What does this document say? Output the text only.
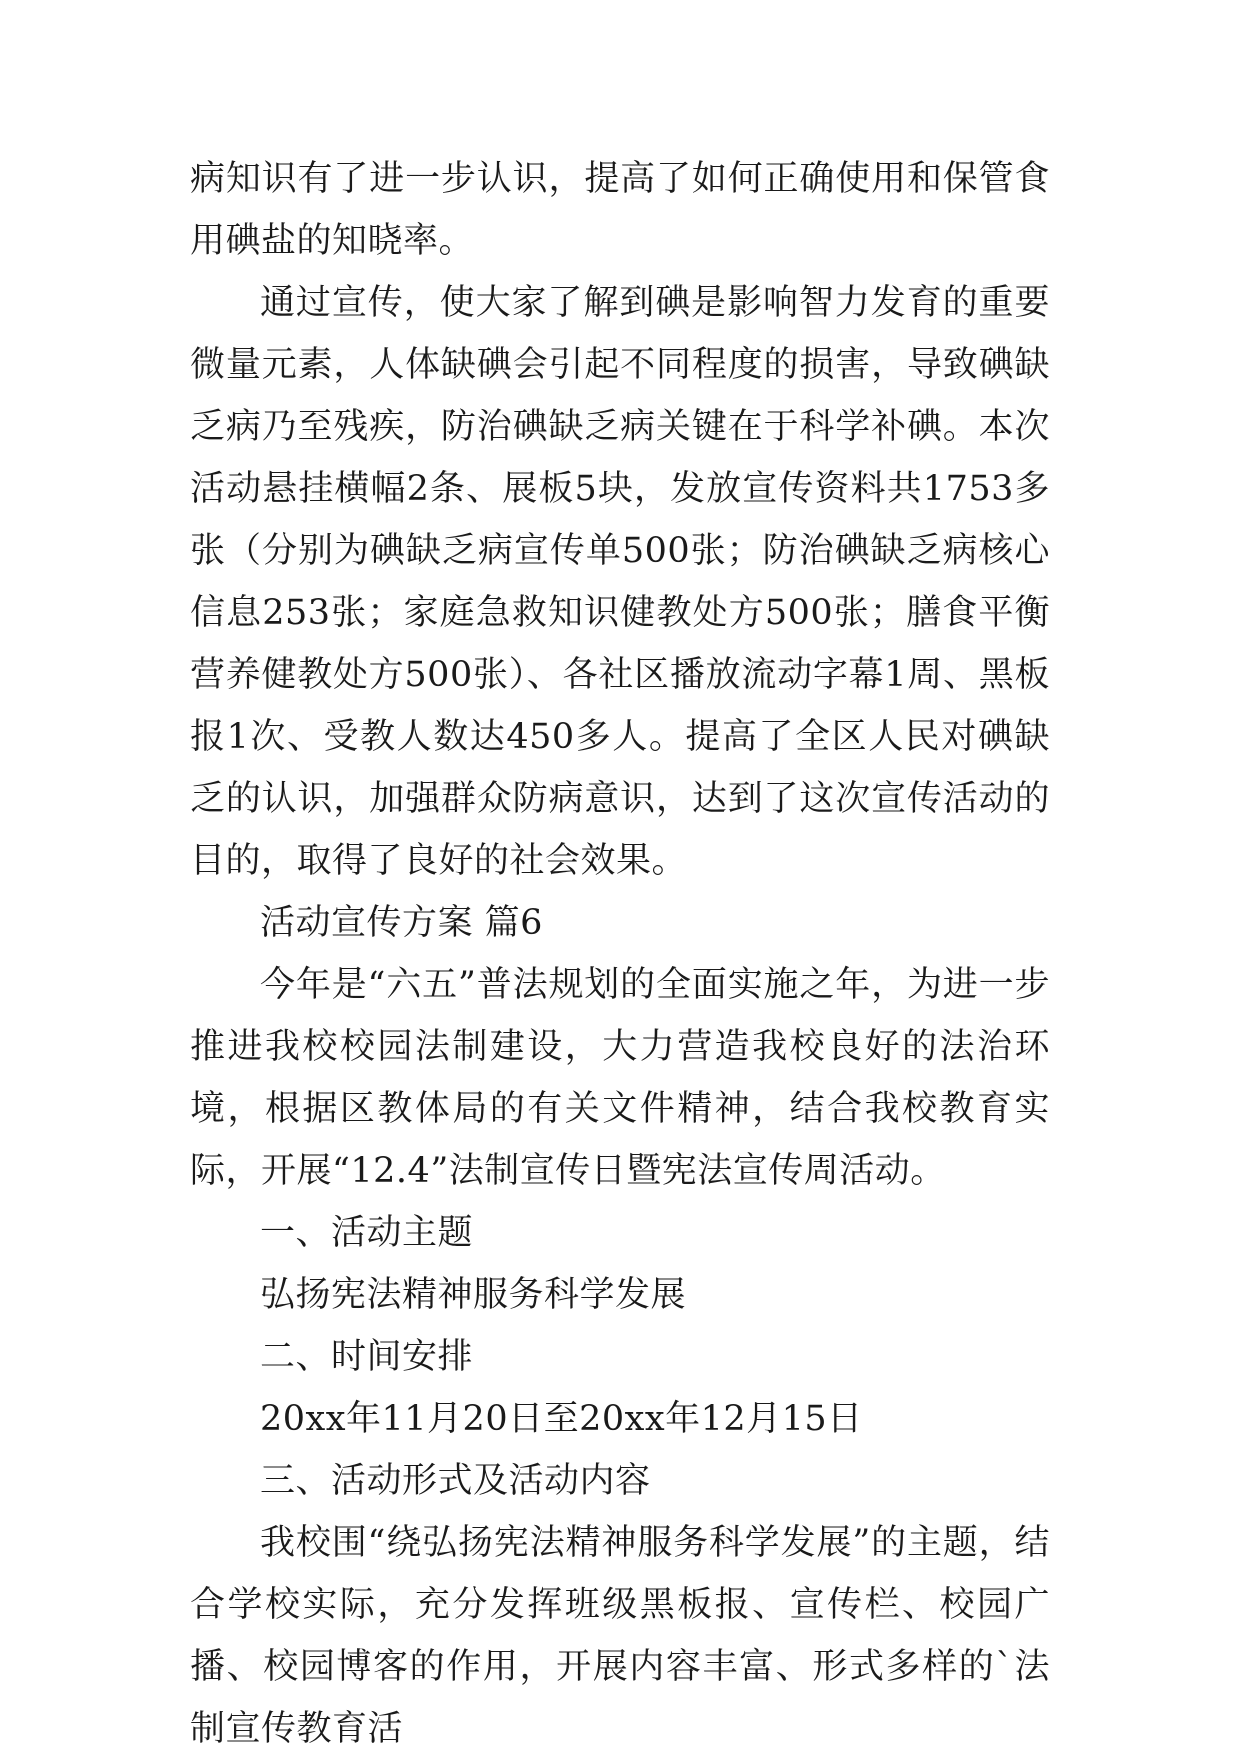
病知识有了进一步认识，提高了如何正确使用和保管食用碘盐的知晓率。

通过宣传，使大家了解到碘是影响智力发育的重要微量元素，人体缺碘会引起不同程度的损害，导致碘缺乏病乃至残疾，防治碘缺乏病关键在于科学补碘。本次活动悬挂横幅2条、展板5块，发放宣传资料共1753多张（分别为碘缺乏病宣传单500张；防治碘缺乏病核心信息253张；家庭急救知识健教处方500张；膳食平衡营养健教处方500张）、各社区播放流动字幕1周、黑板报1次、受教人数达450多人。提高了全区人民对碘缺乏的认识，加强群众防病意识，达到了这次宣传活动的目的，取得了良好的社会效果。

活动宣传方案 篇6

今年是“六五”普法规划的全面实施之年，为进一步推进我校校园法制建设，大力营造我校良好的法治环境，根据区教体局的有关文件精神，结合我校教育实际，开展“12.4”法制宣传日暨宪法宣传周活动。

一、活动主题

弘扬宪法精神服务科学发展

二、时间安排

20xx年11月20日至20xx年12月15日

三、活动形式及活动内容

我校围“绕弘扬宪法精神服务科学发展”的主题，结合学校实际，充分发挥班级黑板报、宣传栏、校园广播、校园博客的作用，开展内容丰富、形式多样的`法制宣传教育活
